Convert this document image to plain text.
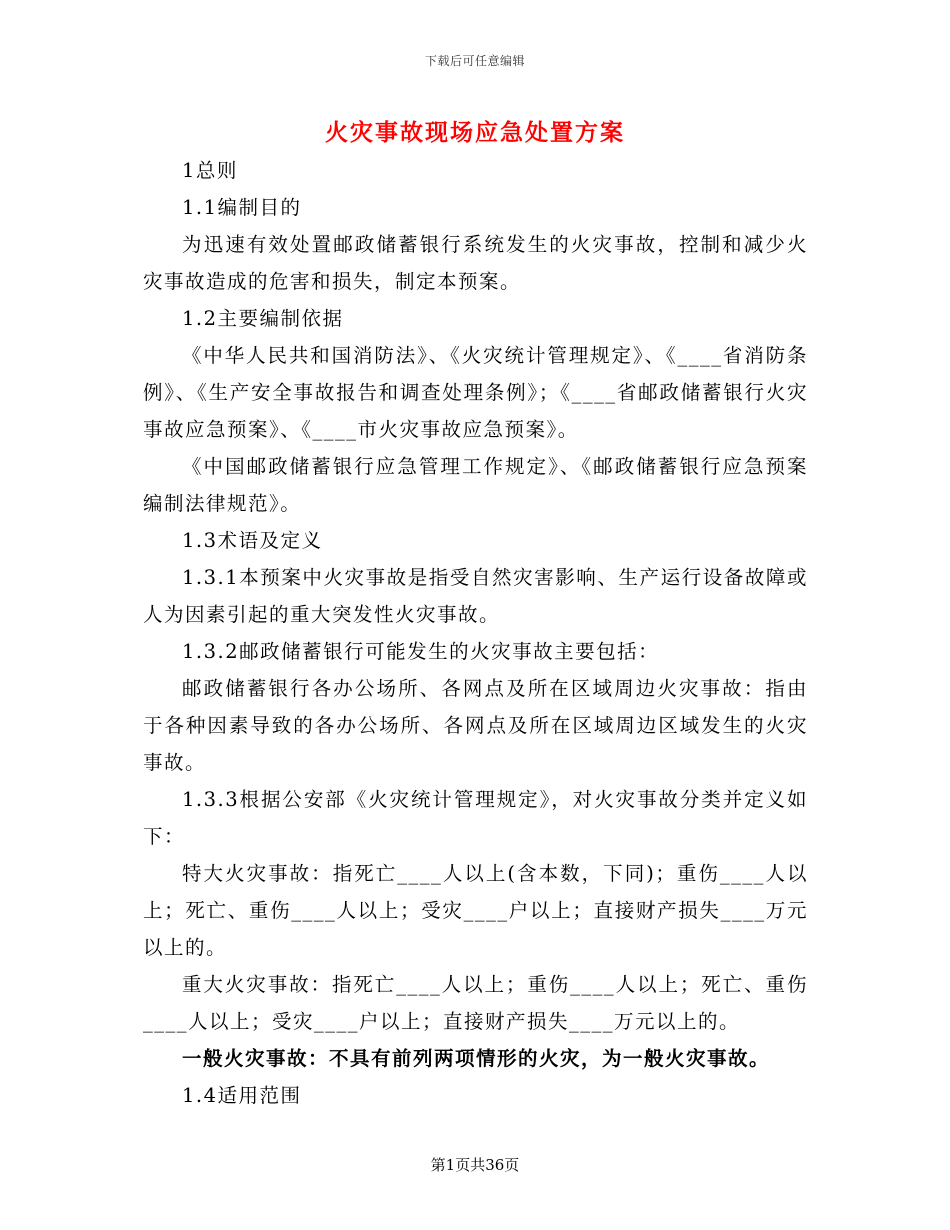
下载后可任意编辑
火灾事故现场应急处置方案

1总则

1.1编制目的

为迅速有效处置邮政储蓄银行系统发生的火灾事故，控制和减少火灾事故造成的危害和损失，制定本预案。

1.2主要编制依据

《中华人民共和国消防法》、《火灾统计管理规定》、《____省消防条例》、《生产安全事故报告和调查处理条例》；《____省邮政储蓄银行火灾事故应急预案》、《____市火灾事故应急预案》。

《中国邮政储蓄银行应急管理工作规定》、《邮政储蓄银行应急预案编制法律规范》。

1.3术语及定义

1.3.1本预案中火灾事故是指受自然灾害影响、生产运行设备故障或人为因素引起的重大突发性火灾事故。

1.3.2邮政储蓄银行可能发生的火灾事故主要包括：

邮政储蓄银行各办公场所、各网点及所在区域周边火灾事故：指由于各种因素导致的各办公场所、各网点及所在区域周边区域发生的火灾事故。

1.3.3根据公安部《火灾统计管理规定》，对火灾事故分类并定义如下：

特大火灾事故：指死亡____人以上(含本数，下同)；重伤____人以上；死亡、重伤____人以上；受灾____户以上；直接财产损失____万元以上的。

重大火灾事故：指死亡____人以上；重伤____人以上；死亡、重伤____人以上；受灾____户以上；直接财产损失____万元以上的。

一般火灾事故：不具有前列两项情形的火灾，为一般火灾事故。

1.4适用范围

第1页共36页
